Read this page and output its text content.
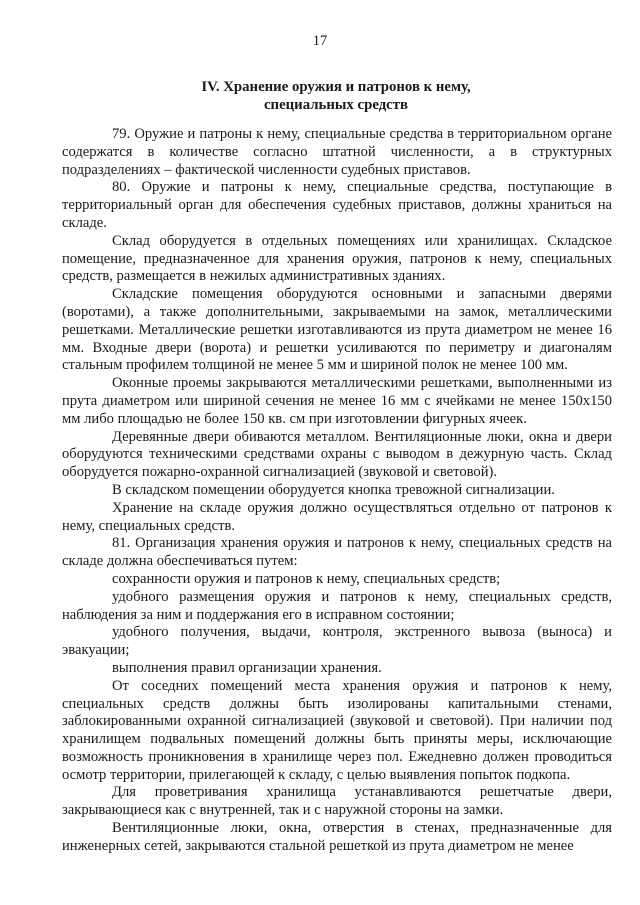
17
IV. Хранение оружия и патронов к нему,
специальных средств

79. Оружие и патроны к нему, специальные средства в территориальном органе содержатся в количестве согласно штатной численности, а в структурных подразделениях – фактической численности судебных приставов.

80. Оружие и патроны к нему, специальные средства, поступающие в территориальный орган для обеспечения судебных приставов, должны храниться на складе.

Склад оборудуется в отдельных помещениях или хранилищах. Складское помещение, предназначенное для хранения оружия, патронов к нему, специальных средств, размещается в нежилых административных зданиях.

Складские помещения оборудуются основными и запасными дверями (воротами), а также дополнительными, закрываемыми на замок, металлическими решетками. Металлические решетки изготавливаются из прута диаметром не менее 16 мм. Входные двери (ворота) и решетки усиливаются по периметру и диагоналям стальным профилем толщиной не менее 5 мм и шириной полок не менее 100 мм.

Оконные проемы закрываются металлическими решетками, выполненными из прута диаметром или шириной сечения не менее 16 мм с ячейками не менее 150x150 мм либо площадью не более 150 кв. см при изготовлении фигурных ячеек.

Деревянные двери обиваются металлом. Вентиляционные люки, окна и двери оборудуются техническими средствами охраны с выводом в дежурную часть. Склад оборудуется пожарно-охранной сигнализацией (звуковой и световой).

В складском помещении оборудуется кнопка тревожной сигнализации.

Хранение на складе оружия должно осуществляться отдельно от патронов к нему, специальных средств.

81. Организация хранения оружия и патронов к нему, специальных средств на складе должна обеспечиваться путем:

сохранности оружия и патронов к нему, специальных средств;

удобного размещения оружия и патронов к нему, специальных средств, наблюдения за ним и поддержания его в исправном состоянии;

удобного получения, выдачи, контроля, экстренного вывоза (выноса) и эвакуации;

выполнения правил организации хранения.

От соседних помещений места хранения оружия и патронов к нему, специальных средств должны быть изолированы капитальными стенами, заблокированными охранной сигнализацией (звуковой и световой). При наличии под хранилищем подвальных помещений должны быть приняты меры, исключающие возможность проникновения в хранилище через пол. Ежедневно должен проводиться осмотр территории, прилегающей к складу, с целью выявления попыток подкопа.

Для проветривания хранилища устанавливаются решетчатые двери, закрывающиеся как с внутренней, так и с наружной стороны на замки.

Вентиляционные люки, окна, отверстия в стенах, предназначенные для инженерных сетей, закрываются стальной решеткой из прута диаметром не менее
